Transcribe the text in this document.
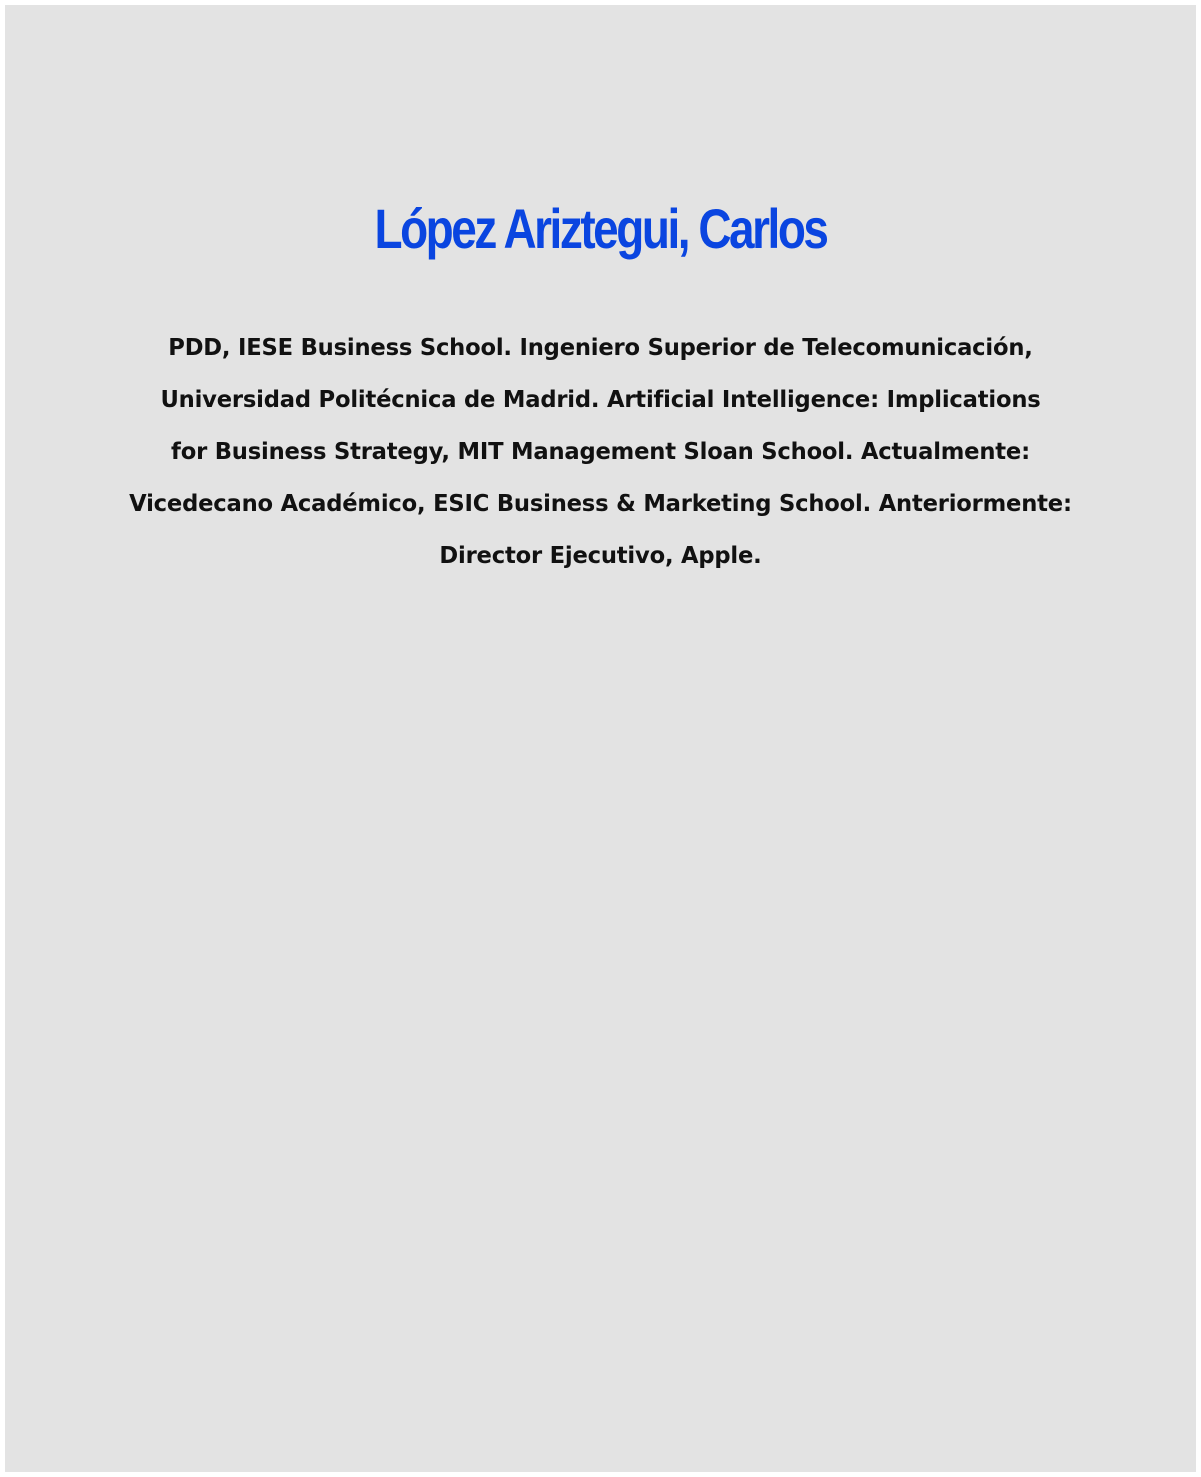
López Ariztegui, Carlos

PDD, IESE Business School. Ingeniero Superior de Telecomunicación,
Universidad Politécnica de Madrid. Artificial Intelligence: Implications
for Business Strategy, MIT Management Sloan School. Actualmente:
Vicedecano Académico, ESIC Business & Marketing School. Anteriormente:
Director Ejecutivo, Apple.
